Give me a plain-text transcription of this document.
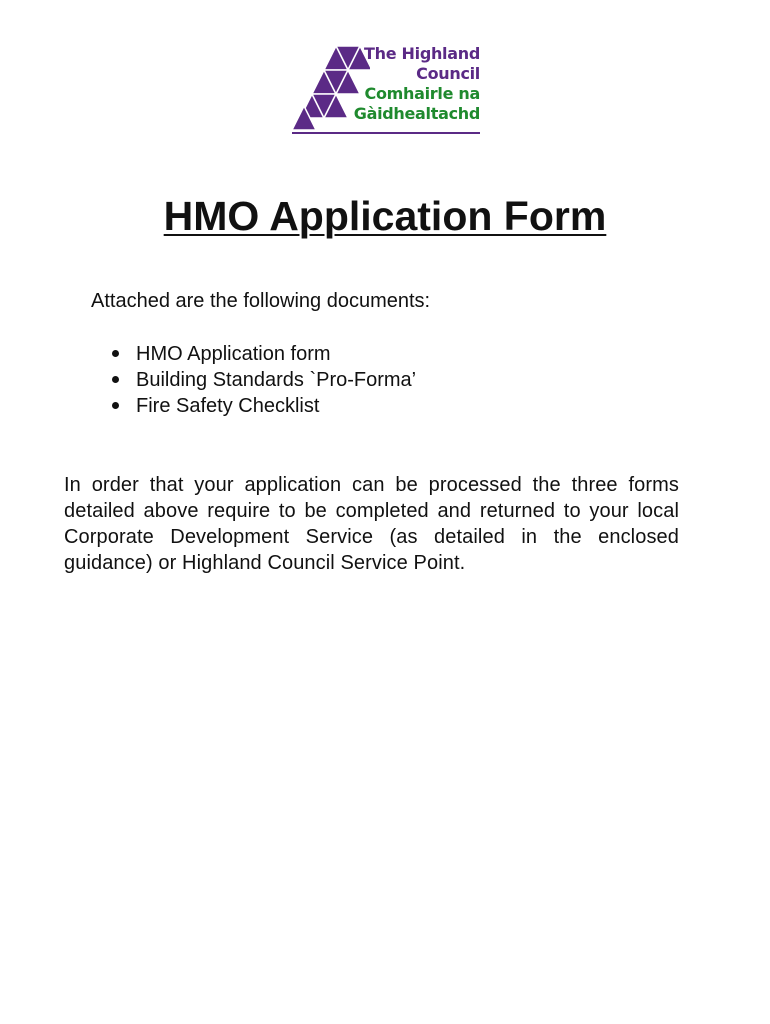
The Highland
Council
Comhairle na
Gàidhealtachd
HMO Application Form

Attached are the following documents:

HMO Application form
Building Standards `Pro-Forma’
Fire Safety Checklist

In order that your application can be processed the three forms detailed above require to be completed and returned to your local Corporate Development Service (as detailed in the enclosed guidance) or Highland Council Service Point.
